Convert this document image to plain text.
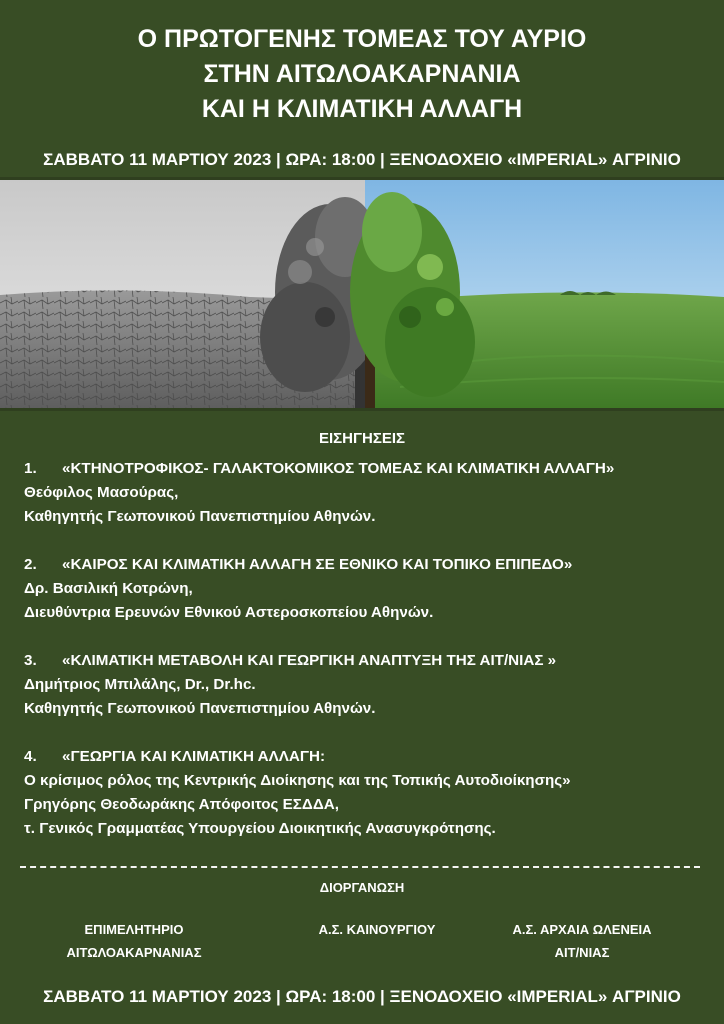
Ο ΠΡΩΤΟΓΕΝΗΣ ΤΟΜΕΑΣ ΤΟΥ ΑΥΡΙΟ
ΣΤΗΝ ΑΙΤΩΛΟΑΚΑΡΝΑΝΙΑ
ΚΑΙ Η ΚΛΙΜΑΤΙΚΗ ΑΛΛΑΓΗ
ΣΑΒΒΑΤΟ 11 ΜΑΡΤΙΟΥ 2023 | ΩΡΑ: 18:00 | ΞΕΝΟΔΟΧΕΙΟ «IMPERIAL» ΑΓΡΙΝΙΟ
ΕΙΣΗΓΗΣΕΙΣ
1. «ΚΤΗΝΟΤΡΟΦΙΚΟΣ- ΓΑΛΑΚΤΟΚΟΜΙΚΟΣ ΤΟΜΕΑΣ ΚΑΙ ΚΛΙΜΑΤΙΚΗ ΑΛΛΑΓΗ»
Θεόφιλος Μασούρας,
Καθηγητής Γεωπονικού Πανεπιστημίου Αθηνών.
2. «ΚΑΙΡΟΣ ΚΑΙ ΚΛΙΜΑΤΙΚΗ ΑΛΛΑΓΗ ΣΕ ΕΘΝΙΚΟ ΚΑΙ ΤΟΠΙΚΟ ΕΠΙΠΕΔΟ»
Δρ. Βασιλική Κοτρώνη,
Διευθύντρια Ερευνών Εθνικού Αστεροσκοπείου Αθηνών.
3. «ΚΛΙΜΑΤΙΚΗ ΜΕΤΑΒΟΛΗ ΚΑΙ ΓΕΩΡΓΙΚΗ ΑΝΑΠΤΥΞΗ ΤΗΣ ΑΙΤ/ΝΙΑΣ »
Δημήτριος Μπιλάλης, Dr., Dr.hc.
Καθηγητής Γεωπονικού Πανεπιστημίου Αθηνών.
4. «ΓΕΩΡΓΙΑ ΚΑΙ ΚΛΙΜΑΤΙΚΗ ΑΛΛΑΓΗ:
Ο κρίσιμος ρόλος της Κεντρικής Διοίκησης και της Τοπικής Αυτοδιοίκησης»
Γρηγόρης Θεοδωράκης Απόφοιτος ΕΣΔΔΑ,
τ. Γενικός Γραμματέας Υπουργείου Διοικητικής Ανασυγκρότησης.
ΔΙΟΡΓΑΝΩΣΗ
ΕΠΙΜΕΛΗΤΗΡΙΟ
ΑΙΤΩΛΟΑΚΑΡΝΑΝΙΑΣ
Α.Σ. ΚΑΙΝΟΥΡΓΙΟΥ	Α.Σ. ΑΡΧΑΙΑ ΩΛΕΝΕΙΑ
ΑΙΤ/ΝΙΑΣ
ΣΑΒΒΑΤΟ 11 ΜΑΡΤΙΟΥ 2023 | ΩΡΑ: 18:00 | ΞΕΝΟΔΟΧΕΙΟ «IMPERIAL» ΑΓΡΙΝΙΟ
